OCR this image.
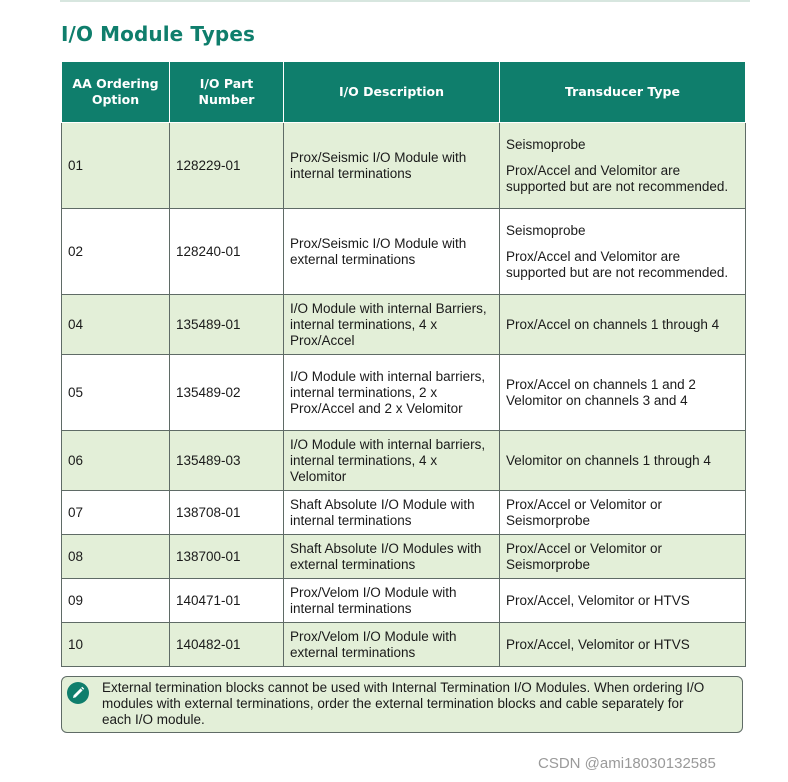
I/O Module Types
AA Ordering Option	I/O Part Number	I/O Description	Transducer Type
01	128229-01	Prox/Seismic I/O Module with internal terminations	Seismoprobe

Prox/Accel and Velomitor are supported but are not recommended.

02	128240-01	Prox/Seismic I/O Module with external terminations	Seismoprobe

Prox/Accel and Velomitor are supported but are not recommended.

04	135489-01	I/O Module with internal Barriers, internal terminations, 4 x Prox/Accel	Prox/Accel on channels 1 through 4
05	135489-02	I/O Module with internal barriers, internal terminations, 2 x Prox/Accel and 2 x Velomitor	Prox/Accel on channels 1 and 2 Velomitor on channels 3 and 4
06	135489-03	I/O Module with internal barriers, internal terminations, 4 x Velomitor	Velomitor on channels 1 through 4
07	138708-01	Shaft Absolute I/O Module with internal terminations	Prox/Accel or Velomitor or Seismorprobe
08	138700-01	Shaft Absolute I/O Modules with external terminations	Prox/Accel or Velomitor or Seismorprobe
09	140471-01	Prox/Velom I/O Module with internal terminations	Prox/Accel, Velomitor or HTVS
10	140482-01	Prox/Velom I/O Module with external terminations	Prox/Accel, Velomitor or HTVS

External termination blocks cannot be used with Internal Termination I/O Modules. When ordering I/O modules with external terminations, order the external termination blocks and cable separately for each I/O module.

CSDN @ami18030132585
